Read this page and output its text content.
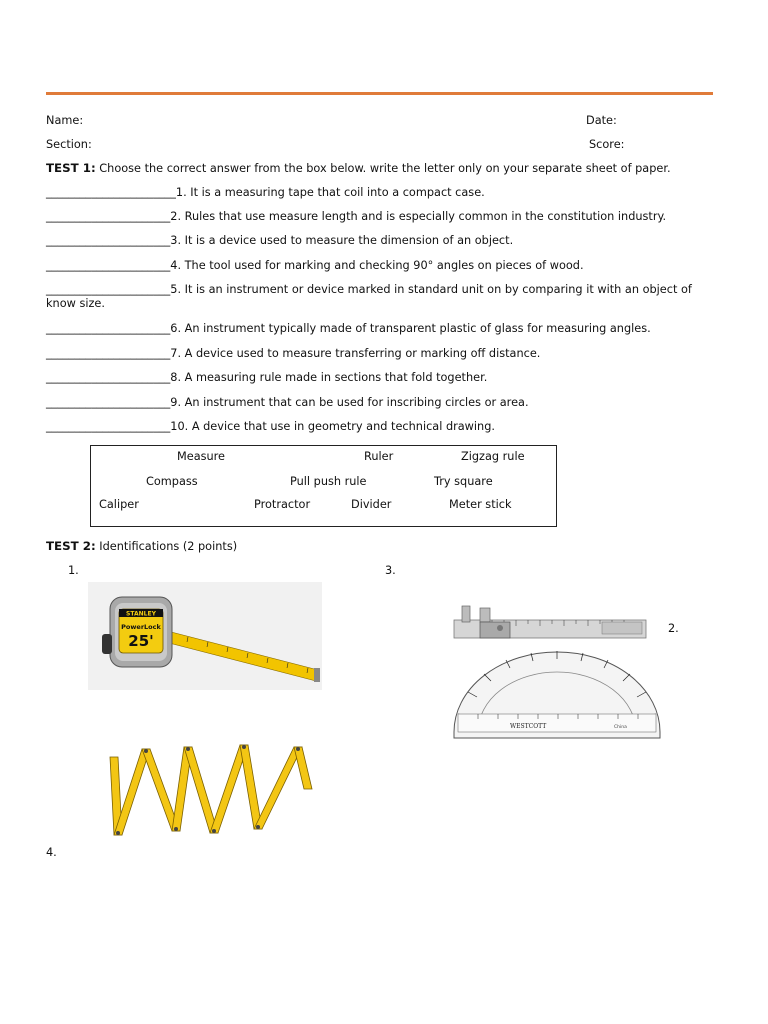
Name:	Date:
Section:	Score:
TEST 1: Choose the correct answer from the box below. write the letter only on your separate sheet of paper.
_______________________1. It is a measuring tape that coil into a compact case.
______________________2. Rules that use measure length and is especially common in the constitution industry.
______________________3. It is a device used to measure the dimension of an object.
______________________4. The tool used for marking and checking 90° angles on pieces of wood.
______________________5. It is an instrument or device marked in standard unit on by comparing it with an object of know size.
______________________6. An instrument typically made of transparent plastic of glass for measuring angles.
______________________7. A device used to measure transferring or marking off distance.
______________________8. A measuring rule made in sections that fold together.
______________________9. An instrument that can be used for inscribing circles or area.
______________________10. A device that use in geometry and technical drawing.
Measure	Ruler	Zigzag rule
Compass	Pull push rule	Try square
Caliper	Protractor	Divider	Meter stick
TEST 2: Identifications (2 points)
1.	3.
2.
4.
STANLEY
PowerLock
25'
WESTCOTT	China
